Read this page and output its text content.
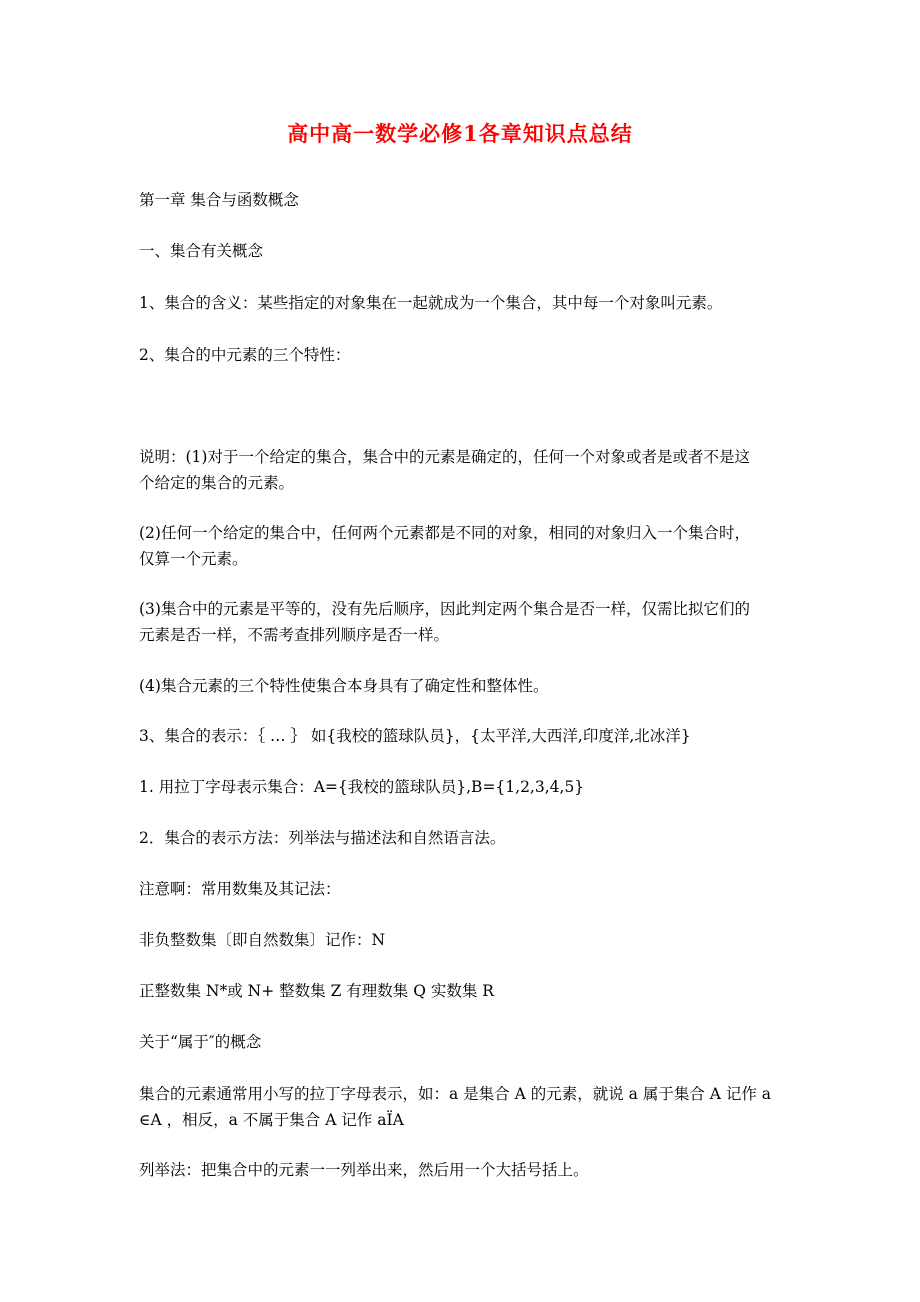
高中高一数学必修1各章知识点总结
第一章 集合与函数概念
一、集合有关概念
1、集合的含义：某些指定的对象集在一起就成为一个集合，其中每一个对象叫元素。
2、集合的中元素的三个特性：
说明：(1)对于一个给定的集合，集合中的元素是确定的，任何一个对象或者是或者不是这
个给定的集合的元素。
(2)任何一个给定的集合中，任何两个元素都是不同的对象，相同的对象归入一个集合时，
仅算一个元素。
(3)集合中的元素是平等的，没有先后顺序，因此判定两个集合是否一样，仅需比拟它们的
元素是否一样，不需考查排列顺序是否一样。
(4)集合元素的三个特性使集合本身具有了确定性和整体性。
3、集合的表示：｛ … ｝ 如{我校的篮球队员}，{太平洋,大西洋,印度洋,北冰洋}
1. 用拉丁字母表示集合：A={我校的篮球队员},B={1,2,3,4,5}
2．集合的表示方法：列举法与描述法和自然语言法。
注意啊：常用数集及其记法：
非负整数集〔即自然数集〕记作：N
正整数集 N*或 N+ 整数集 Z 有理数集 Q 实数集 R
关于“属于″的概念
集合的元素通常用小写的拉丁字母表示，如：a 是集合 A 的元素，就说 a 属于集合 A 记作 a
∈A ，相反，a 不属于集合 A 记作 aÏA
列举法：把集合中的元素一一列举出来，然后用一个大括号括上。
